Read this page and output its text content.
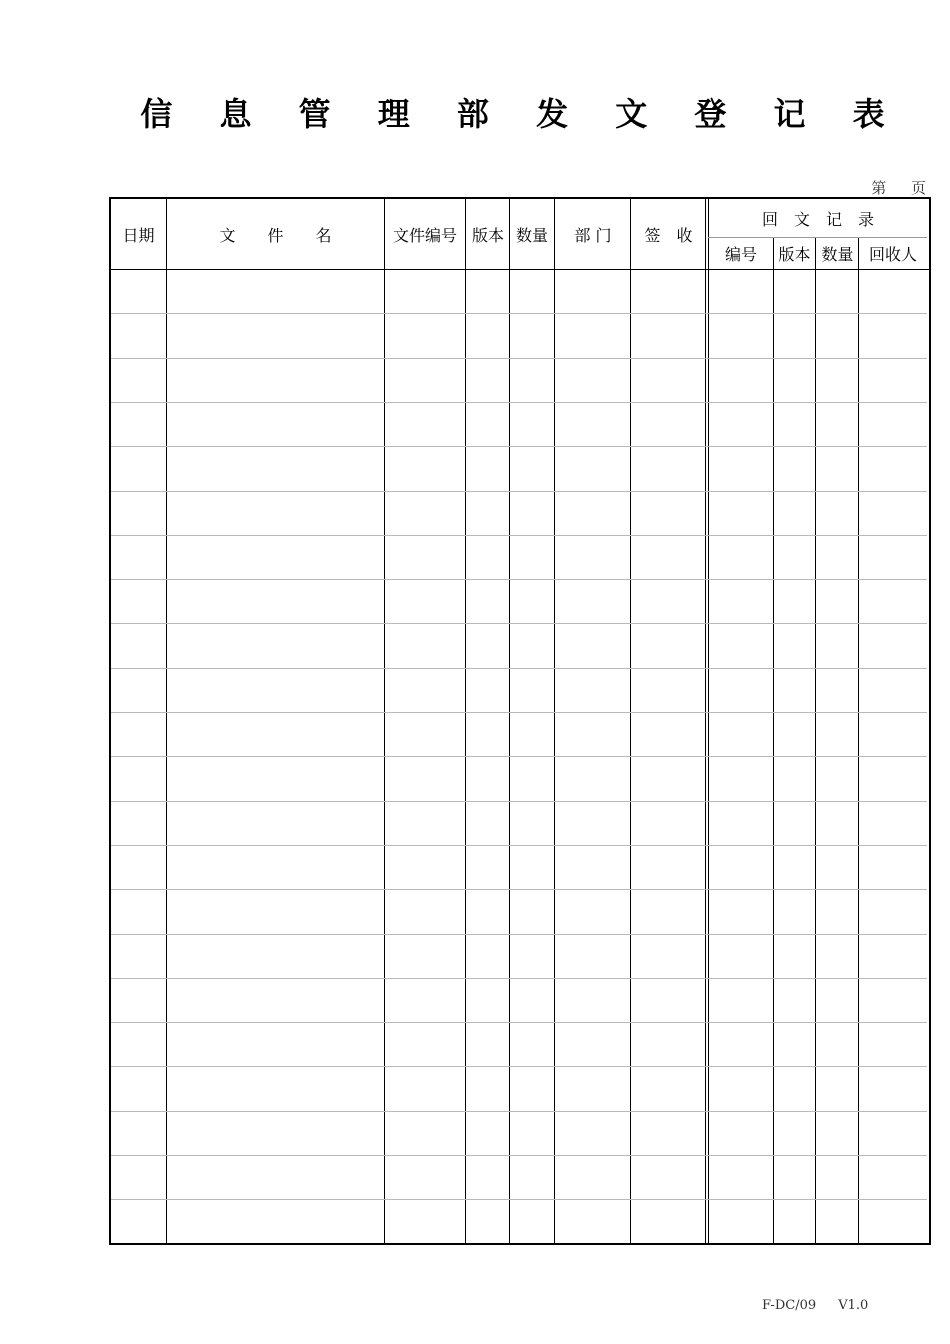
信 息 管 理 部 发 文 登 记 表
第 页
日期	文　　件　　名	文件编号 版本 数量	部 门	签　收
回　文　记　录
编号	版本 数量 回收人
F-DC/09 V1.0
